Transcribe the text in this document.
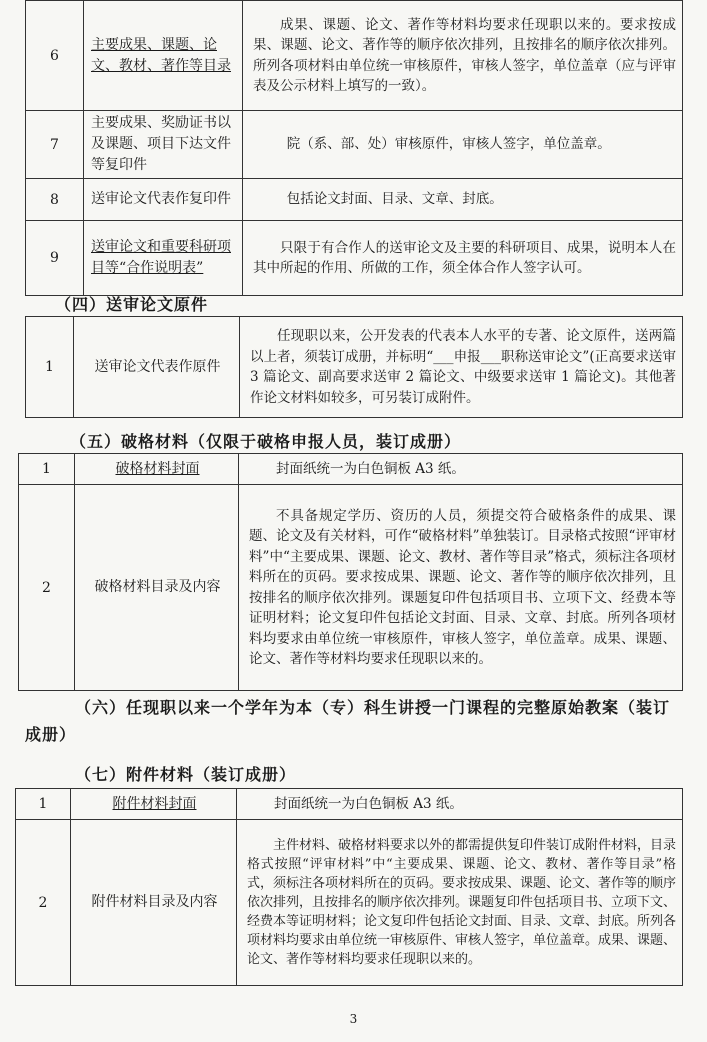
6	主要成果、课题、论文、教材、著作等目录	成果、课题、论文、著作等材料均要求任现职以来的。要求按成果、课题、论文、著作等的顺序依次排列，且按排名的顺序依次排列。所列各项材料由单位统一审核原件，审核人签字，单位盖章（应与评审表及公示材料上填写的一致）。
7	主要成果、奖励证书以及课题、项目下达文件等复印件	院（系、部、处）审核原件，审核人签字，单位盖章。
8	送审论文代表作复印件	包括论文封面、目录、文章、封底。
9	送审论文和重要科研项目等“合作说明表”	只限于有合作人的送审论文及主要的科研项目、成果，说明本人在其中所起的作用、所做的工作，须全体合作人签字认可。
（四）送审论文原件
1	送审论文代表作原件	任现职以来，公开发表的代表本人水平的专著、论文原件，送两篇以上者，须装订成册，并标明“___申报___职称送审论文”(正高要求送审 3 篇论文、副高要求送审 2 篇论文、中级要求送审 1 篇论文)。其他著作论文材料如较多，可另装订成附件。
（五）破格材料（仅限于破格申报人员，装订成册）
1	破格材料封面	封面纸统一为白色铜板 A3 纸。
2	破格材料目录及内容	不具备规定学历、资历的人员，须提交符合破格条件的成果、课题、论文及有关材料，可作“破格材料”单独装订。目录格式按照“评审材料”中“主要成果、课题、论文、教材、著作等目录”格式，须标注各项材料所在的页码。要求按成果、课题、论文、著作等的顺序依次排列，且按排名的顺序依次排列。课题复印件包括项目书、立项下文、经费本等证明材料；论文复印件包括论文封面、目录、文章、封底。所列各项材料均要求由单位统一审核原件，审核人签字，单位盖章。成果、课题、论文、著作等材料均要求任现职以来的。
（六）任现职以来一个学年为本（专）科生讲授一门课程的完整原始教案（装订成册）
（七）附件材料（装订成册）
1	附件材料封面	封面纸统一为白色铜板 A3 纸。
2	附件材料目录及内容	主件材料、破格材料要求以外的都需提供复印件装订成附件材料，目录格式按照“评审材料”中“主要成果、课题、论文、教材、著作等目录”格式，须标注各项材料所在的页码。要求按成果、课题、论文、著作等的顺序依次排列，且按排名的顺序依次排列。课题复印件包括项目书、立项下文、经费本等证明材料；论文复印件包括论文封面、目录、文章、封底。所列各项材料均要求由单位统一审核原件、审核人签字，单位盖章。成果、课题、论文、著作等材料均要求任现职以来的。
3
